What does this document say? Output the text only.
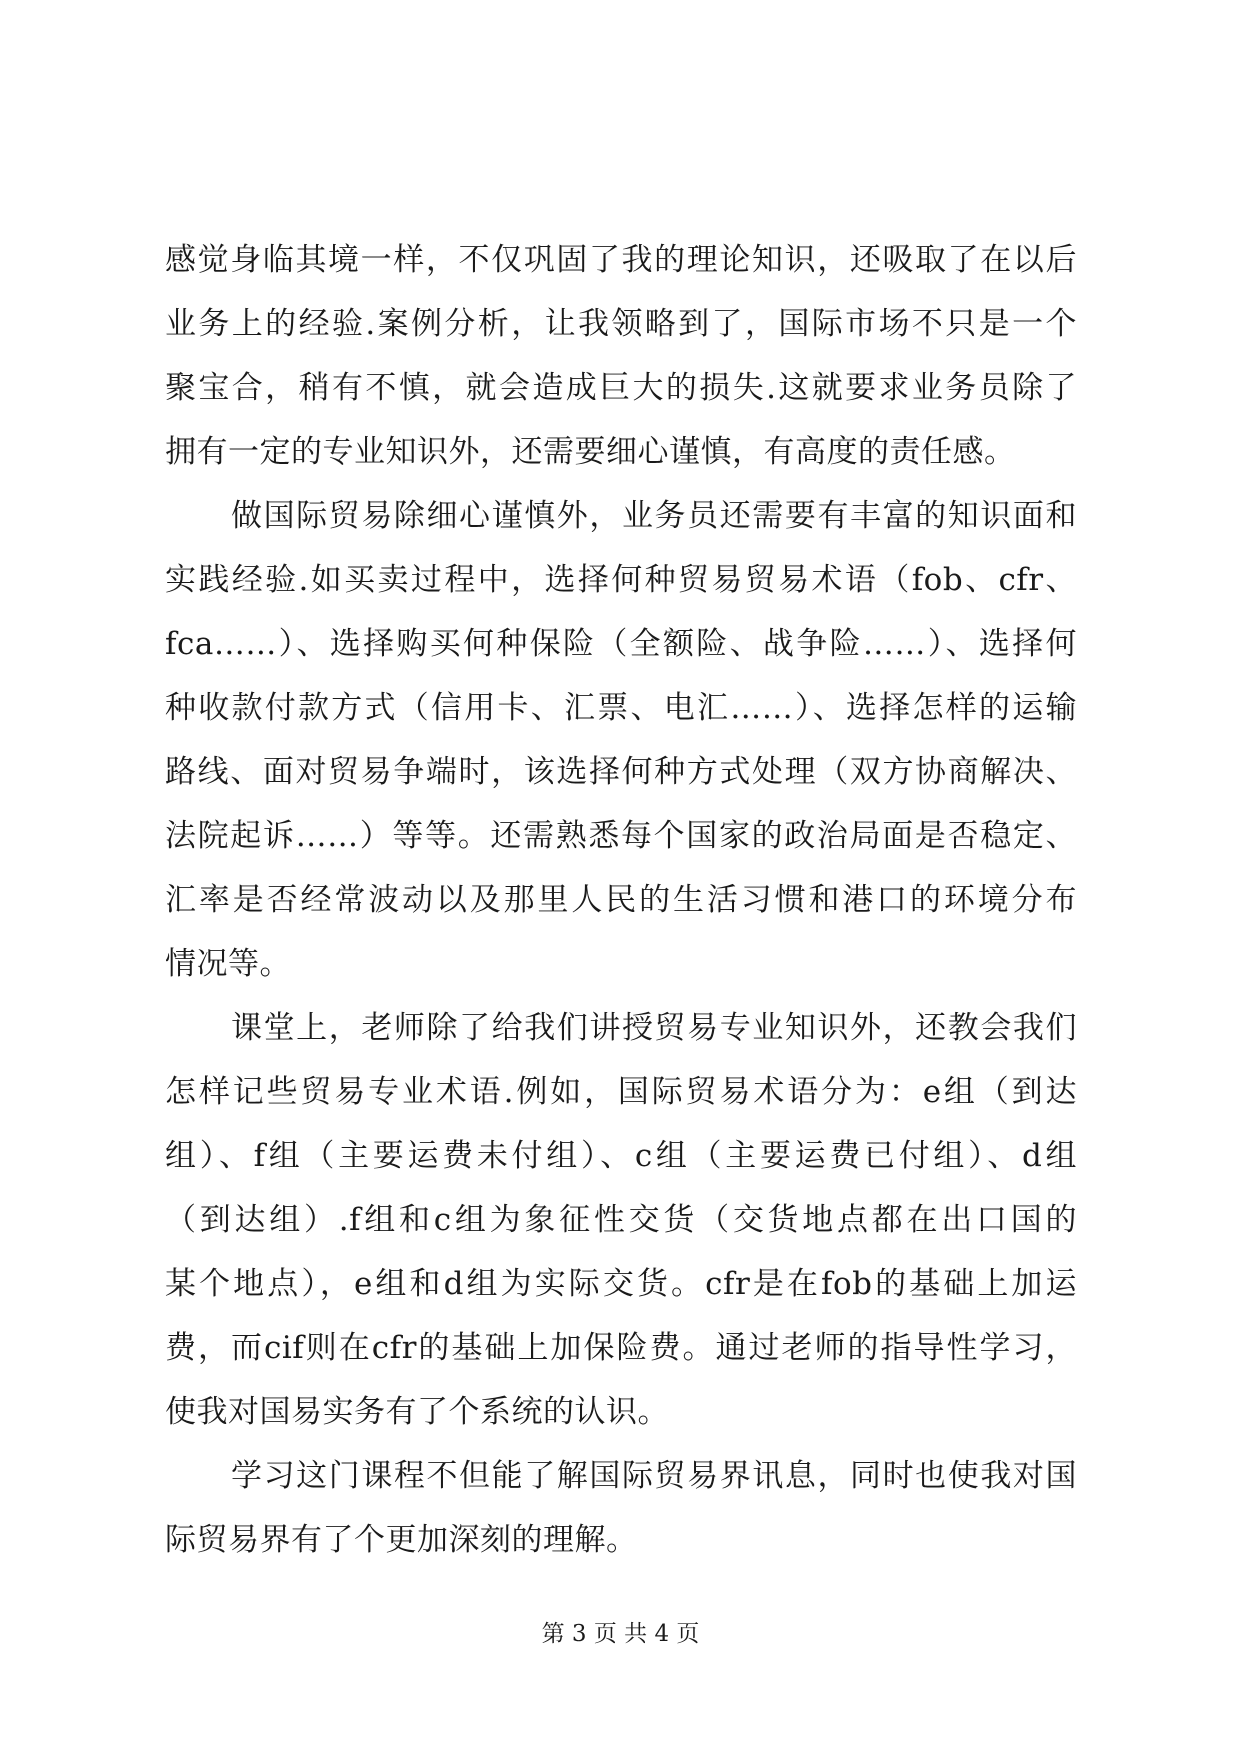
感觉身临其境一样，不仅巩固了我的理论知识，还吸取了在以后
业务上的经验.案例分析，让我领略到了，国际市场不只是一个
聚宝合，稍有不慎，就会造成巨大的损失.这就要求业务员除了
拥有一定的专业知识外，还需要细心谨慎，有高度的责任感。
做国际贸易除细心谨慎外，业务员还需要有丰富的知识面和
实践经验.如买卖过程中，选择何种贸易贸易术语（fob、cfr、
fca……）、选择购买何种保险（全额险、战争险……）、选择何
种收款付款方式（信用卡、汇票、电汇……）、选择怎样的运输
路线、面对贸易争端时，该选择何种方式处理（双方协商解决、
法院起诉……）等等。还需熟悉每个国家的政治局面是否稳定、
汇率是否经常波动以及那里人民的生活习惯和港口的环境分布
情况等。
课堂上，老师除了给我们讲授贸易专业知识外，还教会我们
怎样记些贸易专业术语.例如，国际贸易术语分为：e组（到达
组）、f组（主要运费未付组）、c组（主要运费已付组）、d组
（到达组）.f组和c组为象征性交货（交货地点都在出口国的
某个地点），e组和d组为实际交货。cfr是在fob的基础上加运
费，而cif则在cfr的基础上加保险费。通过老师的指导性学习，
使我对国易实务有了个系统的认识。
学习这门课程不但能了解国际贸易界讯息，同时也使我对国
际贸易界有了个更加深刻的理解。
第 3 页 共 4 页
